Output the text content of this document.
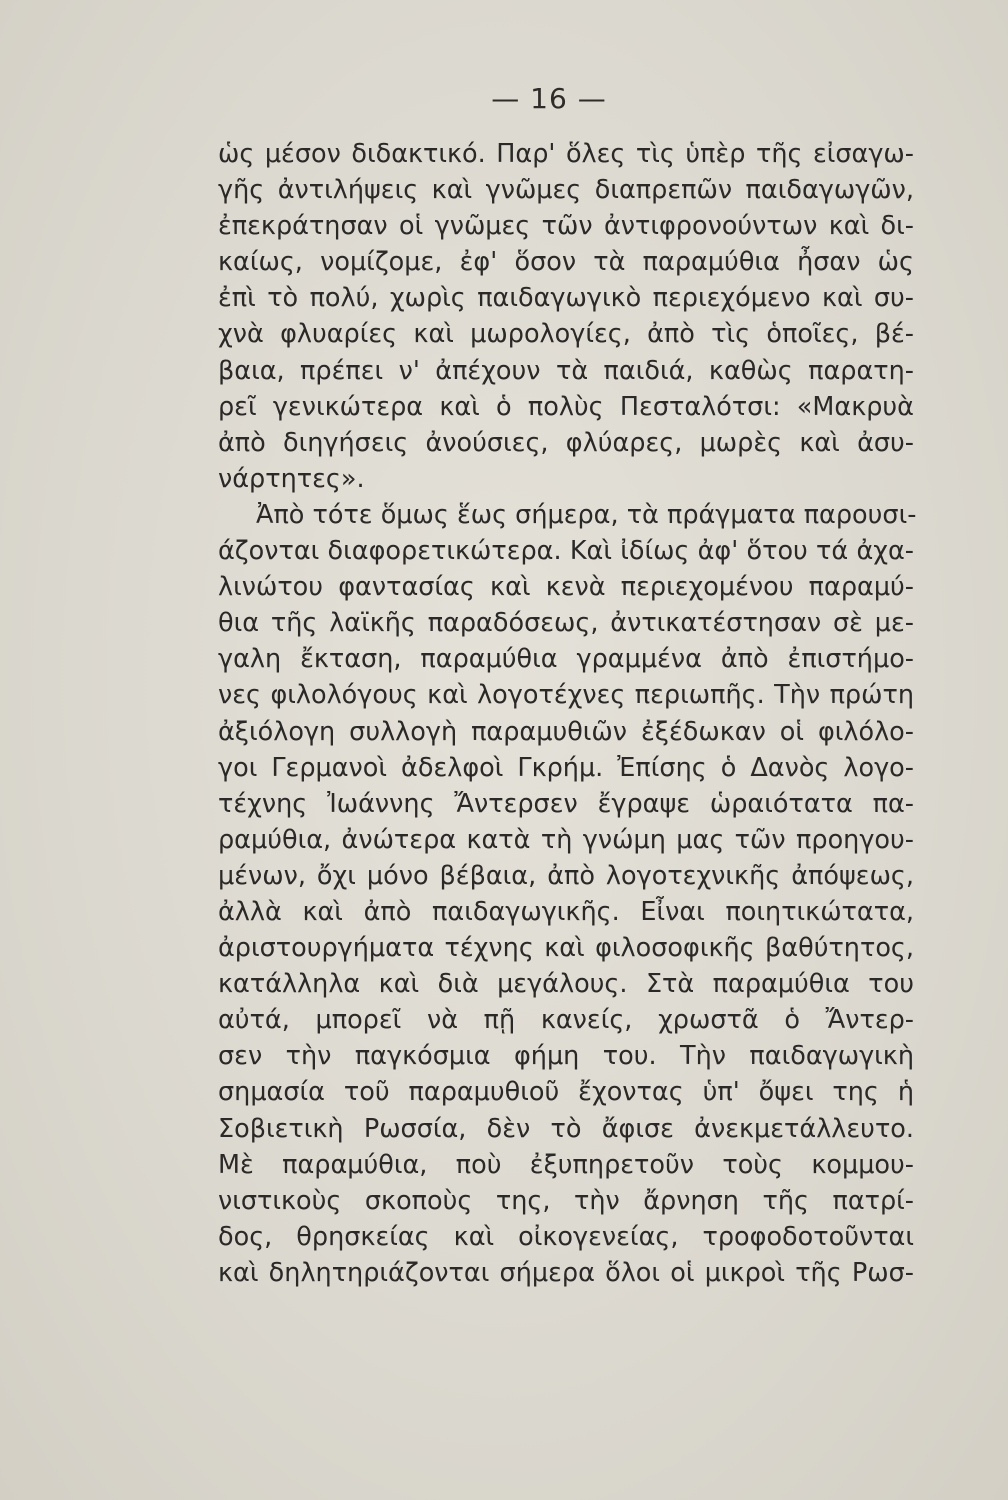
— 16 —
ὡς μέσον διδακτικό. Παρ' ὅλες τὶς ὑπὲρ τῆς εἰσαγω-
γῆς ἀντιλήψεις καὶ γνῶμες διαπρεπῶν παιδαγωγῶν,
ἐπεκράτησαν οἱ γνῶμες τῶν ἀντιφρονούντων καὶ δι-
καίως, νομίζομε, ἐφ' ὅσον τὰ παραμύθια ἦσαν ὡς
ἐπὶ τὸ πολύ, χωρὶς παιδαγωγικὸ περιεχόμενο καὶ συ-
χνὰ φλυαρίες καὶ μωρολογίες, ἀπὸ τὶς ὁποῖες, βέ-
βαια, πρέπει ν' ἀπέχουν τὰ παιδιά, καθὼς παρατη-
ρεῖ γενικώτερα καὶ ὁ πολὺς Πεσταλότσι: «Μακρυὰ
ἀπὸ διηγήσεις ἀνούσιες, φλύαρες, μωρὲς καὶ ἀσυ-
νάρτητες».
Ἀπὸ τότε ὅμως ἕως σήμερα, τὰ πράγματα παρουσι-
άζονται διαφορετικώτερα. Καὶ ἰδίως ἀφ' ὅτου τά ἀχα-
λινώτου φαντασίας καὶ κενὰ περιεχομένου παραμύ-
θια τῆς λαϊκῆς παραδόσεως, ἀντικατέστησαν σὲ με-
γαλη ἔκταση, παραμύθια γραμμένα ἀπὸ ἐπιστήμο-
νες φιλολόγους καὶ λογοτέχνες περιωπῆς. Τὴν πρώτη
ἀξιόλογη συλλογὴ παραμυθιῶν ἐξέδωκαν οἱ φιλόλο-
γοι Γερμανοὶ ἀδελφοὶ Γκρήμ. Ἐπίσης ὁ Δανὸς λογο-
τέχνης Ἰωάννης Ἄντερσεν ἔγραψε ὡραιότατα πα-
ραμύθια, ἀνώτερα κατὰ τὴ γνώμη μας τῶν προηγου-
μένων, ὄχι μόνο βέβαια, ἀπὸ λογοτεχνικῆς ἀπόψεως,
ἀλλὰ καὶ ἀπὸ παιδαγωγικῆς. Εἶναι ποιητικώτατα,
ἀριστουργήματα τέχνης καὶ φιλοσοφικῆς βαθύτητος,
κατάλληλα καὶ διὰ μεγάλους. Στὰ παραμύθια του
αὐτά, μπορεῖ νὰ πῇ κανείς, χρωστᾶ ὁ Ἄντερ-
σεν τὴν παγκόσμια φήμη του. Τὴν παιδαγωγικὴ
σημασία τοῦ παραμυθιοῦ ἔχοντας ὑπ' ὄψει της ἡ
Σοβιετικὴ Ρωσσία, δὲν τὸ ἄφισε ἀνεκμετάλλευτο.
Μὲ παραμύθια, ποὺ ἐξυπηρετοῦν τοὺς κομμου-
νιστικοὺς σκοποὺς της, τὴν ἄρνηση τῆς πατρί-
δος, θρησκείας καὶ οἰκογενείας, τροφοδοτοῦνται
καὶ δηλητηριάζονται σήμερα ὅλοι οἱ μικροὶ τῆς Ρωσ-
